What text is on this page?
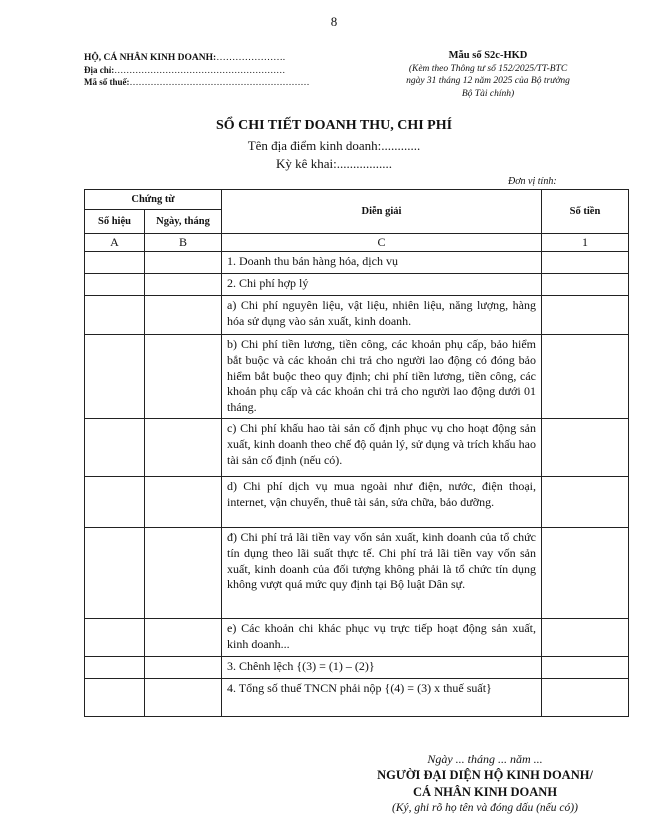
8
HỘ, CÁ NHÂN KINH DOANH:………………….
Địa chỉ:…………………………………………………
Mã số thuế:……………………………………………………
Mẫu số S2c-HKD
(Kèm theo Thông tư số 152/2025/TT-BTC
ngày 31 tháng 12 năm 2025 của Bộ trưởng
Bộ Tài chính)
SỔ CHI TIẾT DOANH THU, CHI PHÍ
Tên địa điểm kinh doanh:............
Kỳ kê khai:.................
Đơn vị tính:
Chứng từ		Diễn giải	Số tiền
Số hiệu	Ngày, tháng		
A	B	C	1
		1. Doanh thu bán hàng hóa, dịch vụ	
		2. Chi phí hợp lý	
		a) Chi phí nguyên liệu, vật liệu, nhiên liệu, năng lượng, hàng hóa sử dụng vào sản xuất, kinh doanh.	
		b) Chi phí tiền lương, tiền công, các khoản phụ cấp, bảo hiểm bắt buộc và các khoản chi trả cho người lao động có đóng bảo hiểm bắt buộc theo quy định; chi phí tiền lương, tiền công, các khoản phụ cấp và các khoản chi trả cho người lao động dưới 01 tháng.	
		c) Chi phí khấu hao tài sản cố định phục vụ cho hoạt động sản xuất, kinh doanh theo chế độ quản lý, sử dụng và trích khấu hao tài sản cố định (nếu có).	
		d) Chi phí dịch vụ mua ngoài như điện, nước, điện thoại, internet, vận chuyển, thuê tài sản, sửa chữa, bảo dưỡng.	
		đ) Chi phí trả lãi tiền vay vốn sản xuất, kinh doanh của tổ chức tín dụng theo lãi suất thực tế. Chi phí trả lãi tiền vay vốn sản xuất, kinh doanh của đối tượng không phải là tổ chức tín dụng không vượt quá mức quy định tại Bộ luật Dân sự.	
		e) Các khoản chi khác phục vụ trực tiếp hoạt động sản xuất, kinh doanh...	
		3. Chênh lệch {(3) = (1) – (2)}	
		4. Tổng số thuế TNCN phải nộp {(4) = (3) x thuế suất}	
Ngày ... tháng ... năm ...
NGƯỜI ĐẠI DIỆN HỘ KINH DOANH/
CÁ NHÂN KINH DOANH
(Ký, ghi rõ họ tên và đóng dấu (nếu có))
